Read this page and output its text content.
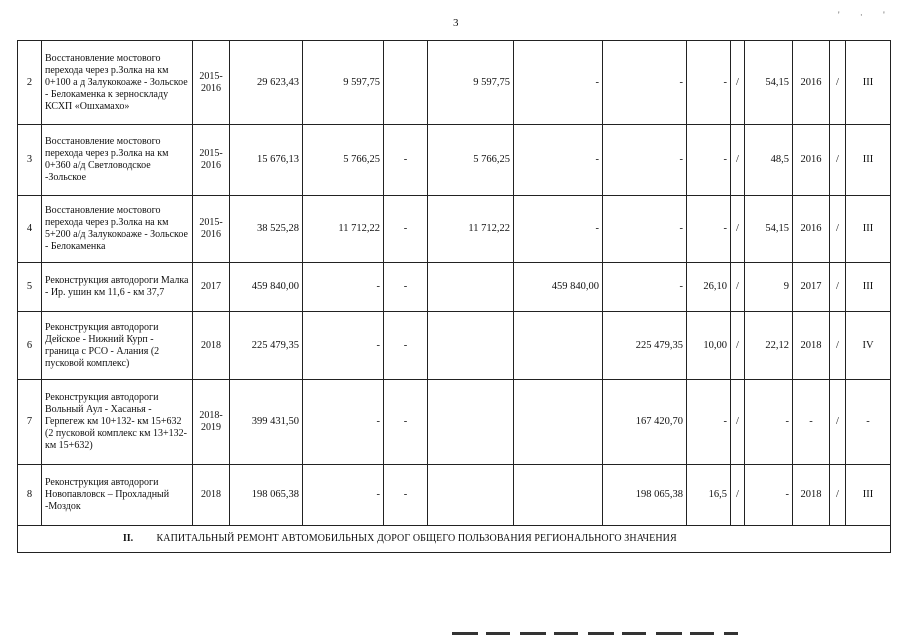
3
' · '
2	Восстановление мостового перехода через р.Золка на км 0+100 а д Залукокоаже - Зольское - Белокаменка к зерноскладу КСХП «Ошхамахо»	2015-2016	29 623,43	9 597,75		9 597,75	-	-	-	/	54,15	2016	/	III
3	Восстановление мостового перехода через р.Золка на км 0+360 а/д Светловодское -Зольское	2015-2016	15 676,13	5 766,25	-	5 766,25	-	-	-	/	48,5	2016	/	III
4	Восстановление мостового перехода через р.Золка на км 5+200 а/д Залукокоаже - Зольское - Белокаменка	2015-2016	38 525,28	11 712,22	-	11 712,22	-	-	-	/	54,15	2016	/	III
5	Реконструкция автодороги Малка - Ир. ушин км 11,6 - км 37,7	2017	459 840,00	-	-		459 840,00	-	26,10	/	9	2017	/	III
6	Реконструкция автодороги Дейское - Нижний Курп - граница с РСО - Алания (2 пусковой комплекс)	2018	225 479,35	-	-			225 479,35	10,00	/	22,12	2018	/	IV
7	Реконструкция автодороги Вольный Аул - Хасанья - Герпегеж км 10+132- км 15+632 (2 пусковой комплекс км 13+132-км 15+632)	2018-2019	399 431,50	-	-			167 420,70	-	/	-	-	/	-
8	Реконструкция автодороги Новопавловск – Прохладный -Моздок	2018	198 065,38	-	-			198 065,38	16,5	/	-	2018	/	III
II. КАПИТАЛЬНЫЙ РЕМОНТ АВТОМОБИЛЬНЫХ ДОРОГ ОБЩЕГО ПОЛЬЗОВАНИЯ РЕГИОНАЛЬНОГО ЗНАЧЕНИЯ														
